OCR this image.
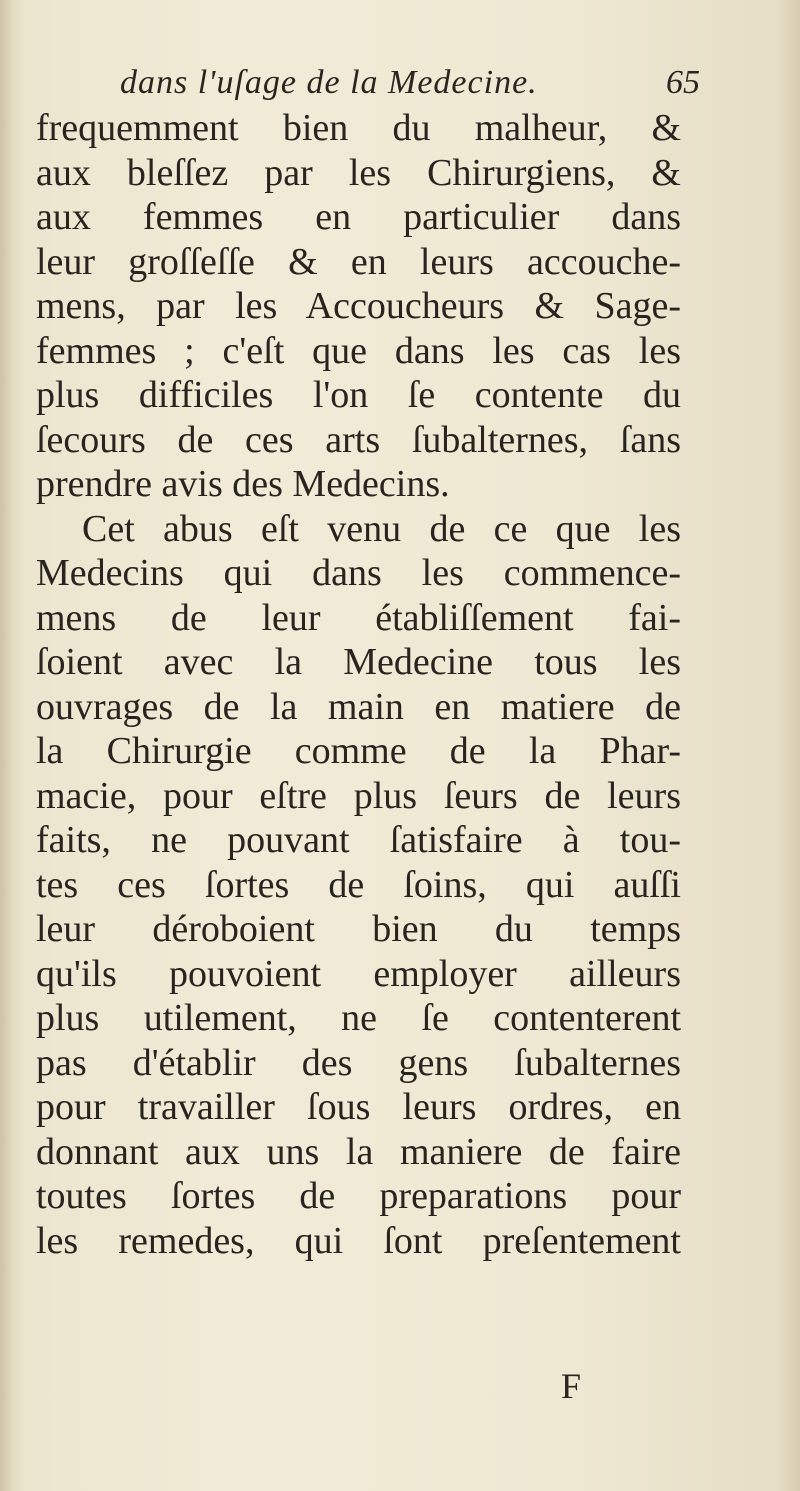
dans l'uſage de la Medecine.	65
frequemment bien du malheur, &
aux bleſſez par les Chirurgiens, &
aux femmes en particulier dans
leur groſſeſſe & en leurs accouche-
mens, par les Accoucheurs & Sage-
femmes ; c'eſt que dans les cas les
plus difficiles l'on ſe contente du
ſecours de ces arts ſubalternes, ſans
prendre avis des Medecins.
Cet abus eſt venu de ce que les
Medecins qui dans les commence-
mens de leur établiſſement fai-
ſoient avec la Medecine tous les
ouvrages de la main en matiere de
la Chirurgie comme de la Phar-
macie, pour eſtre plus ſeurs de leurs
faits, ne pouvant ſatisfaire à tou-
tes ces ſortes de ſoins, qui auſſi
leur déroboient bien du temps
qu'ils pouvoient employer ailleurs
plus utilement, ne ſe contenterent
pas d'établir des gens ſubalternes
pour travailler ſous leurs ordres, en
donnant aux uns la maniere de faire
toutes ſortes de preparations pour
les remedes, qui ſont preſentement
F
